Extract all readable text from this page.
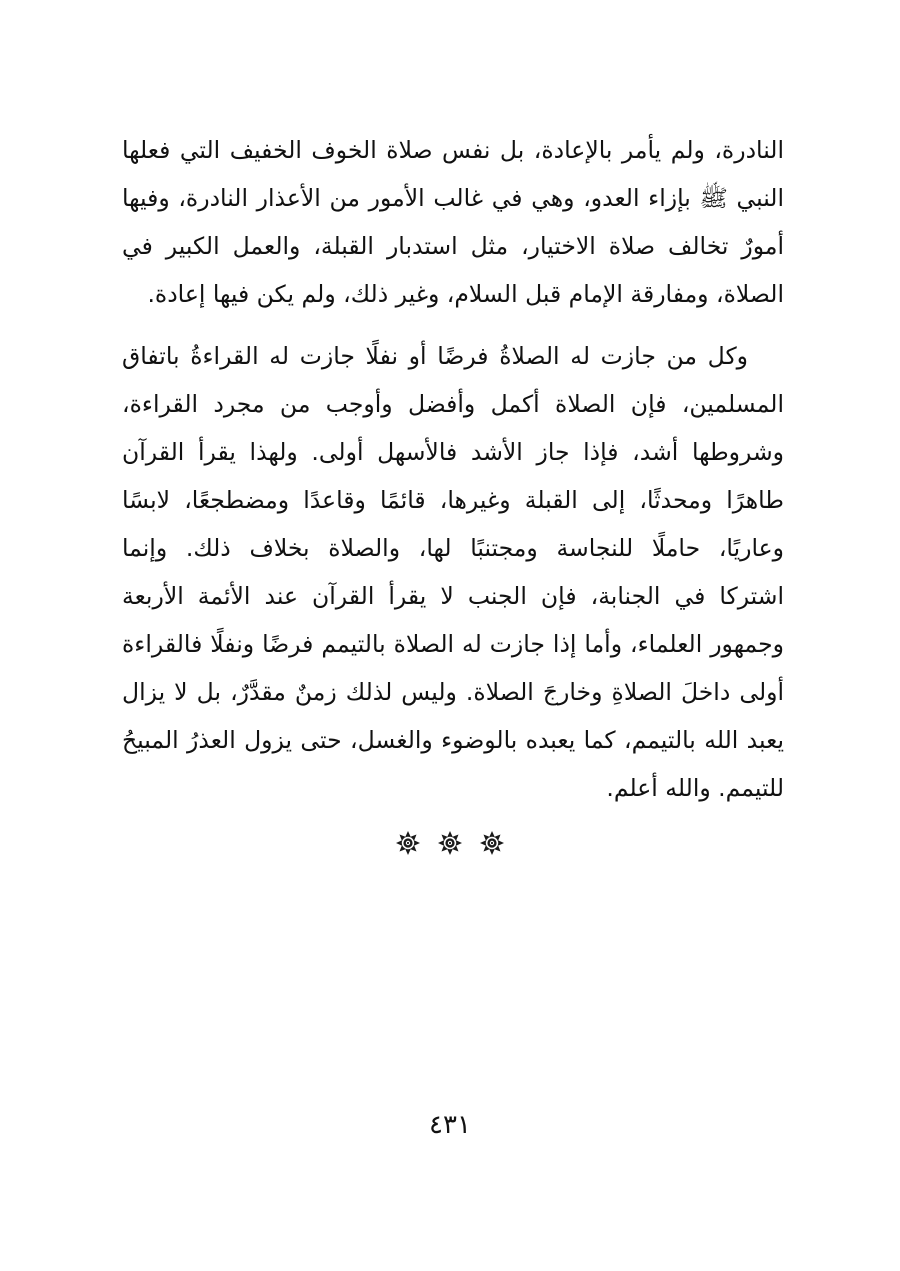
النادرة، ولم يأمر بالإعادة، بل نفس صلاة الخوف الخفيف التي فعلها
النبي ﷺ بإزاء العدو، وهي في غالب الأمور من الأعذار النادرة، وفيها
أمورٌ تخالف صلاة الاختيار، مثل استدبار القبلة، والعمل الكبير في
الصلاة، ومفارقة الإمام قبل السلام، وغير ذلك، ولم يكن فيها إعادة.

وكل من جازت له الصلاةُ فرضًا أو نفلًا جازت له القراءةُ باتفاق
المسلمين، فإن الصلاة أكمل وأفضل وأوجب من مجرد القراءة،
وشروطها أشد، فإذا جاز الأشد فالأسهل أولى. ولهذا يقرأ القرآن
طاهرًا ومحدثًا، إلى القبلة وغيرها، قائمًا وقاعدًا ومضطجعًا، لابسًا
وعاريًا، حاملًا للنجاسة ومجتنبًا لها، والصلاة بخلاف ذلك. وإنما
اشتركا في الجنابة، فإن الجنب لا يقرأ القرآن عند الأئمة الأربعة
وجمهور العلماء، وأما إذا جازت له الصلاة بالتيمم فرضًا ونفلًا فالقراءة
أولى داخلَ الصلاةِ وخارجَ الصلاة. وليس لذلك زمنٌ مقدَّرٌ، بل لا يزال
يعبد الله بالتيمم، كما يعبده بالوضوء والغسل، حتى يزول العذرُ المبيحُ
للتيمم. والله أعلم.

٤٣١
